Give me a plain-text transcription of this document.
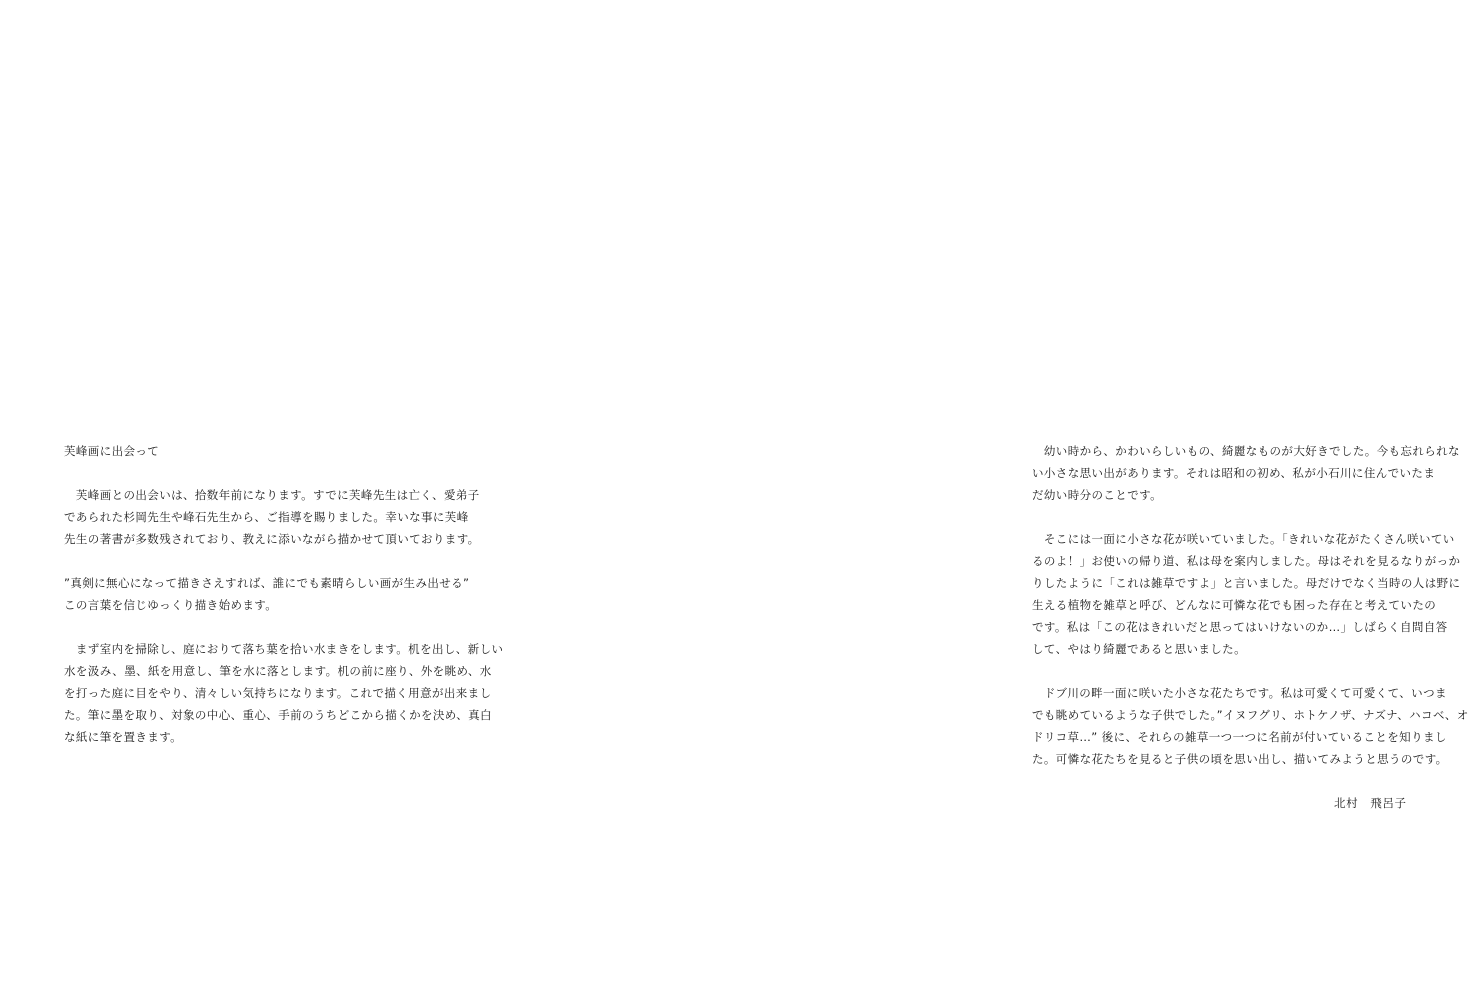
芙峰画に出会って
　芙峰画との出会いは、拾数年前になります。すでに芙峰先生は亡く、愛弟子
であられた杉岡先生や峰石先生から、ご指導を賜りました。幸いな事に芙峰
先生の著書が多数残されており、教えに添いながら描かせて頂いております。
”真剣に無心になって描きさえすれば、誰にでも素晴らしい画が生み出せる”
この言葉を信じゆっくり描き始めます。
　まず室内を掃除し、庭におりて落ち葉を拾い水まきをします。机を出し、新しい
水を汲み、墨、紙を用意し、筆を水に落とします。机の前に座り、外を眺め、水
を打った庭に目をやり、清々しい気持ちになります。これで描く用意が出来まし
た。筆に墨を取り、対象の中心、重心、手前のうちどこから描くかを決め、真白
な紙に筆を置きます。
　幼い時から、かわいらしいもの、綺麗なものが大好きでした。今も忘れられな
い小さな思い出があります。それは昭和の初め、私が小石川に住んでいたま
だ幼い時分のことです。
　そこには一面に小さな花が咲いていました。「きれいな花がたくさん咲いてい
るのよ！」お使いの帰り道、私は母を案内しました。母はそれを見るなりがっか
りしたように「これは雑草ですよ」と言いました。母だけでなく当時の人は野に
生える植物を雑草と呼び、どんなに可憐な花でも困った存在と考えていたの
です。私は「この花はきれいだと思ってはいけないのか…」しばらく自問自答
して、やはり綺麗であると思いました。
　ドブ川の畔一面に咲いた小さな花たちです。私は可愛くて可愛くて、いつま
でも眺めているような子供でした。”イヌフグリ、ホトケノザ、ナズナ、ハコベ、オ
ドリコ草…” 後に、それらの雑草一つ一つに名前が付いていることを知りまし
た。可憐な花たちを見ると子供の頃を思い出し、描いてみようと思うのです。
北村　飛呂子
